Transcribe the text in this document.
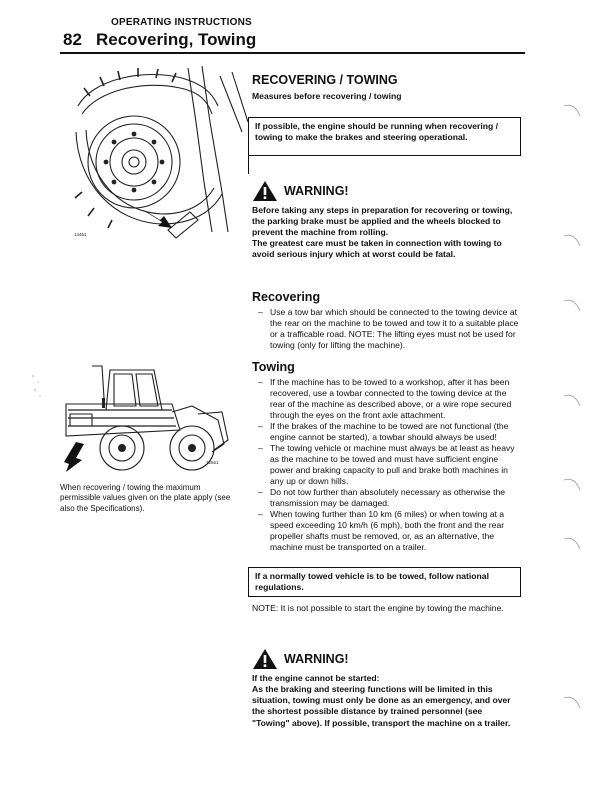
OPERATING INSTRUCTIONS
82 Recovering, Towing
14461
12561
When recovering / towing the maximum permissible values given on the plate apply (see also the Specifications).
RECOVERING / TOWING
Measures before recovering / towing
If possible, the engine should be running when recovering / towing to make the brakes and steering operational.
WARNING!
Before taking any steps in preparation for recovering or towing, the parking brake must be applied and the wheels blocked to prevent the machine from rolling.
The greatest care must be taken in connection with towing to avoid serious injury which at worst could be fatal.
Recovering
– Use a tow bar which should be connected to the towing device at the rear on the machine to be towed and tow it to a suitable place or a trafficable road. NOTE: The lifting eyes must not be used for towing (only for lifting the machine).
Towing
– If the machine has to be towed to a workshop, after it has been recovered, use a towbar connected to the towing device at the rear of the machine as described above, or a wire rope secured through the eyes on the front axle attachment.
– If the brakes of the machine to be towed are not functional (the engine cannot be started), a towbar should always be used!
– The towing vehicle or machine must always be at least as heavy as the machine to be towed and must have sufficient engine power and braking capacity to pull and brake both machines in any up or down hills.
– Do not tow further than absolutely necessary as otherwise the transmission may be damaged.
– When towing further than 10 km (6 miles) or when towing at a speed exceeding 10 km/h (6 mph), both the front and the rear propeller shafts must be removed, or, as an alternative, the machine must be transported on a trailer.
If a normally towed vehicle is to be towed, follow national regulations.
NOTE: It is not possible to start the engine by towing the machine.
WARNING!
If the engine cannot be started:
As the braking and steering functions will be limited in this situation, towing must only be done as an emergency, and over the shortest possible distance by trained personnel (see "Towing" above). If possible, transport the machine on a trailer.
